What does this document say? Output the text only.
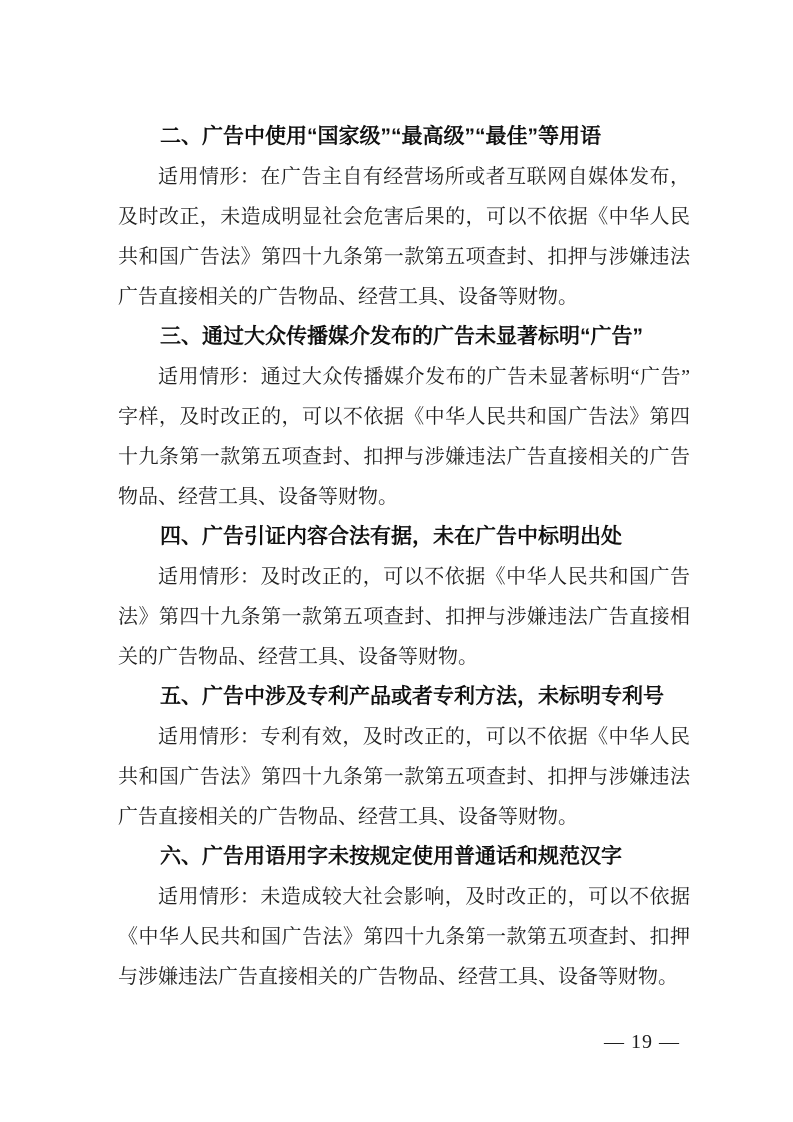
二、广告中使用“国家级”“最高级”“最佳”等用语

适用情形：在广告主自有经营场所或者互联网自媒体发布，及时改正，未造成明显社会危害后果的，可以不依据《中华人民共和国广告法》第四十九条第一款第五项查封、扣押与涉嫌违法广告直接相关的广告物品、经营工具、设备等财物。

三、通过大众传播媒介发布的广告未显著标明“广告”

适用情形：通过大众传播媒介发布的广告未显著标明“广告”字样，及时改正的，可以不依据《中华人民共和国广告法》第四十九条第一款第五项查封、扣押与涉嫌违法广告直接相关的广告物品、经营工具、设备等财物。

四、广告引证内容合法有据，未在广告中标明出处

适用情形：及时改正的，可以不依据《中华人民共和国广告法》第四十九条第一款第五项查封、扣押与涉嫌违法广告直接相关的广告物品、经营工具、设备等财物。

五、广告中涉及专利产品或者专利方法，未标明专利号

适用情形：专利有效，及时改正的，可以不依据《中华人民共和国广告法》第四十九条第一款第五项查封、扣押与涉嫌违法广告直接相关的广告物品、经营工具、设备等财物。

六、广告用语用字未按规定使用普通话和规范汉字

适用情形：未造成较大社会影响，及时改正的，可以不依据《中华人民共和国广告法》第四十九条第一款第五项查封、扣押与涉嫌违法广告直接相关的广告物品、经营工具、设备等财物。

— 19 —
